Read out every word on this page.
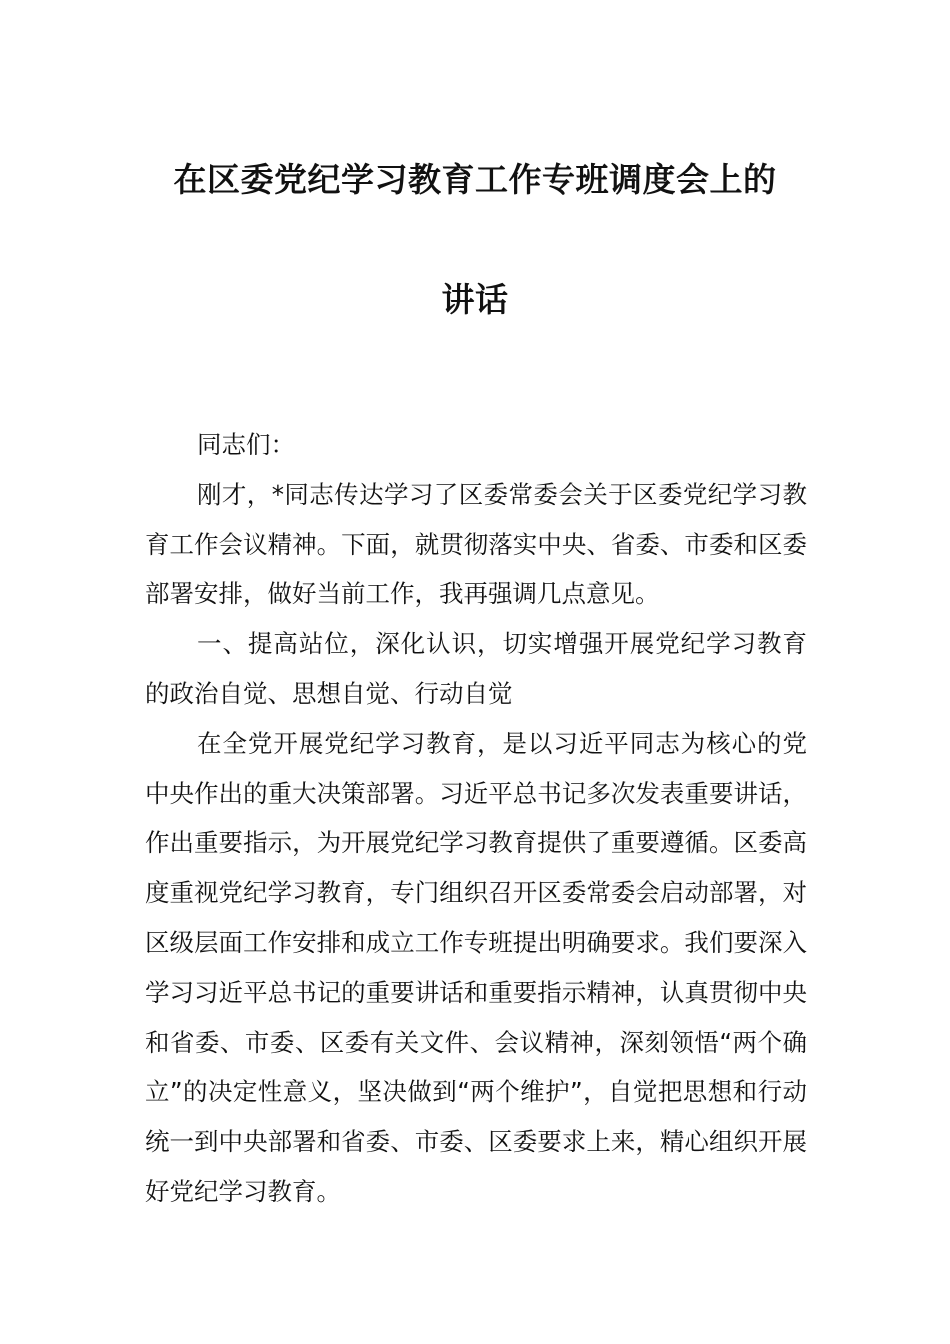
在区委党纪学习教育工作专班调度会上的
讲话

同志们：

刚才，*同志传达学习了区委常委会关于区委党纪学习教育工作会议精神。下面，就贯彻落实中央、省委、市委和区委部署安排，做好当前工作，我再强调几点意见。

一、提高站位，深化认识，切实增强开展党纪学习教育的政治自觉、思想自觉、行动自觉

在全党开展党纪学习教育，是以习近平同志为核心的党中央作出的重大决策部署。习近平总书记多次发表重要讲话，作出重要指示，为开展党纪学习教育提供了重要遵循。区委高度重视党纪学习教育，专门组织召开区委常委会启动部署，对区级层面工作安排和成立工作专班提出明确要求。我们要深入学习习近平总书记的重要讲话和重要指示精神，认真贯彻中央和省委、市委、区委有关文件、会议精神，深刻领悟“两个确立”的决定性意义，坚决做到“两个维护”，自觉把思想和行动统一到中央部署和省委、市委、区委要求上来，精心组织开展好党纪学习教育。
